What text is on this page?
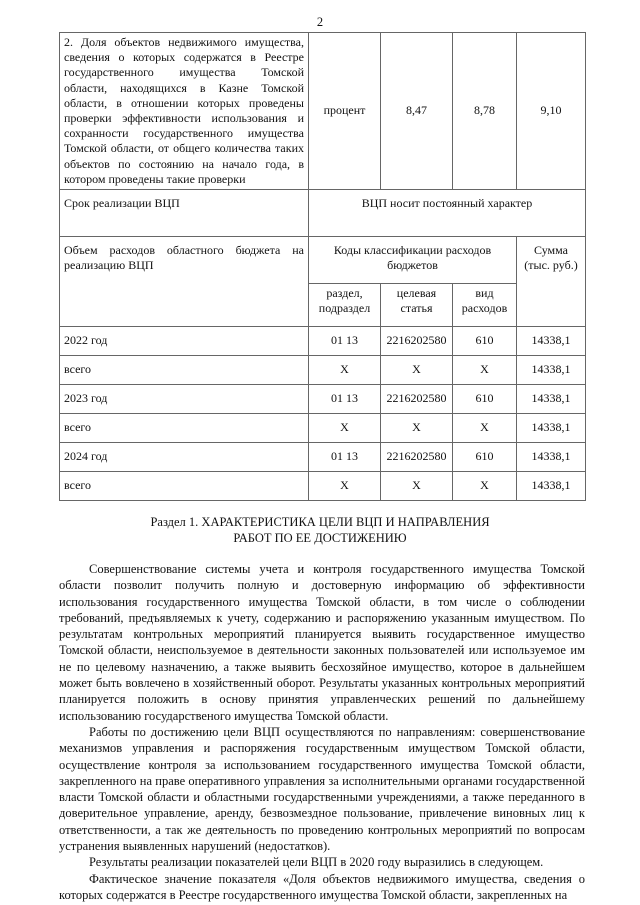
2
2. Доля объектов недвижимого имущества, сведения о которых содержатся в Реестре государственного имущества Томской области, находящихся в Казне Томской области, в отношении которых проведены проверки эффективности использования и сохранности государственного имущества Томской области, от общего количества таких объектов по состоянию на начало года, в котором проведены такие проверки	процент	8,47	8,78	9,10
Срок реализации ВЦП	ВЦП носит постоянный характер			
Объем расходов областного бюджета на реализацию ВЦП	Коды классификации расходов бюджетов			Сумма (тыс. руб.)
	раздел, подраздел	целевая статья	вид расходов	
2022 год	01 13	2216202580	610	14338,1
всего	X	X	X	14338,1
2023 год	01 13	2216202580	610	14338,1
всего	X	X	X	14338,1
2024 год	01 13	2216202580	610	14338,1
всего	X	X	X	14338,1
Раздел 1. ХАРАКТЕРИСТИКА ЦЕЛИ ВЦП И НАПРАВЛЕНИЯ
РАБОТ ПО ЕЕ ДОСТИЖЕНИЮ

Совершенствование системы учета и контроля государственного имущества Томской области позволит получить полную и достоверную информацию об эффективности использования государственного имущества Томской области, в том числе о соблюдении требований, предъявляемых к учету, содержанию и распоряжению указанным имуществом. По результатам контрольных мероприятий планируется выявить государственное имущество Томской области, неиспользуемое в деятельности законных пользователей или используемое им не по целевому назначению, а также выявить бесхозяйное имущество, которое в дальнейшем может быть вовлечено в хозяйственный оборот. Результаты указанных контрольных мероприятий планируется положить в основу принятия управленческих решений по дальнейшему использованию государственого имущества Томской области.

Работы по достижению цели ВЦП осуществляются по направлениям: совершенствование механизмов управления и распоряжения государственным имуществом Томской области, осуществление контроля за использованием государственного имущества Томской области, закрепленного на праве оперативного управления за исполнительными органами государственной власти Томской области и областными государственными учреждениями, а также переданного в доверительное управление, аренду, безвозмездное пользование, привлечение виновных лиц к ответственности, а так же деятельность по проведению контрольных мероприятий по вопросам устранения выявленных нарушений (недостатков).

Результаты реализации показателей цели ВЦП в 2020 году выразились в следующем.

Фактическое значение показателя «Доля объектов недвижимого имущества, сведения о которых содержатся в Реестре государственного имущества Томской области, закрепленных на
